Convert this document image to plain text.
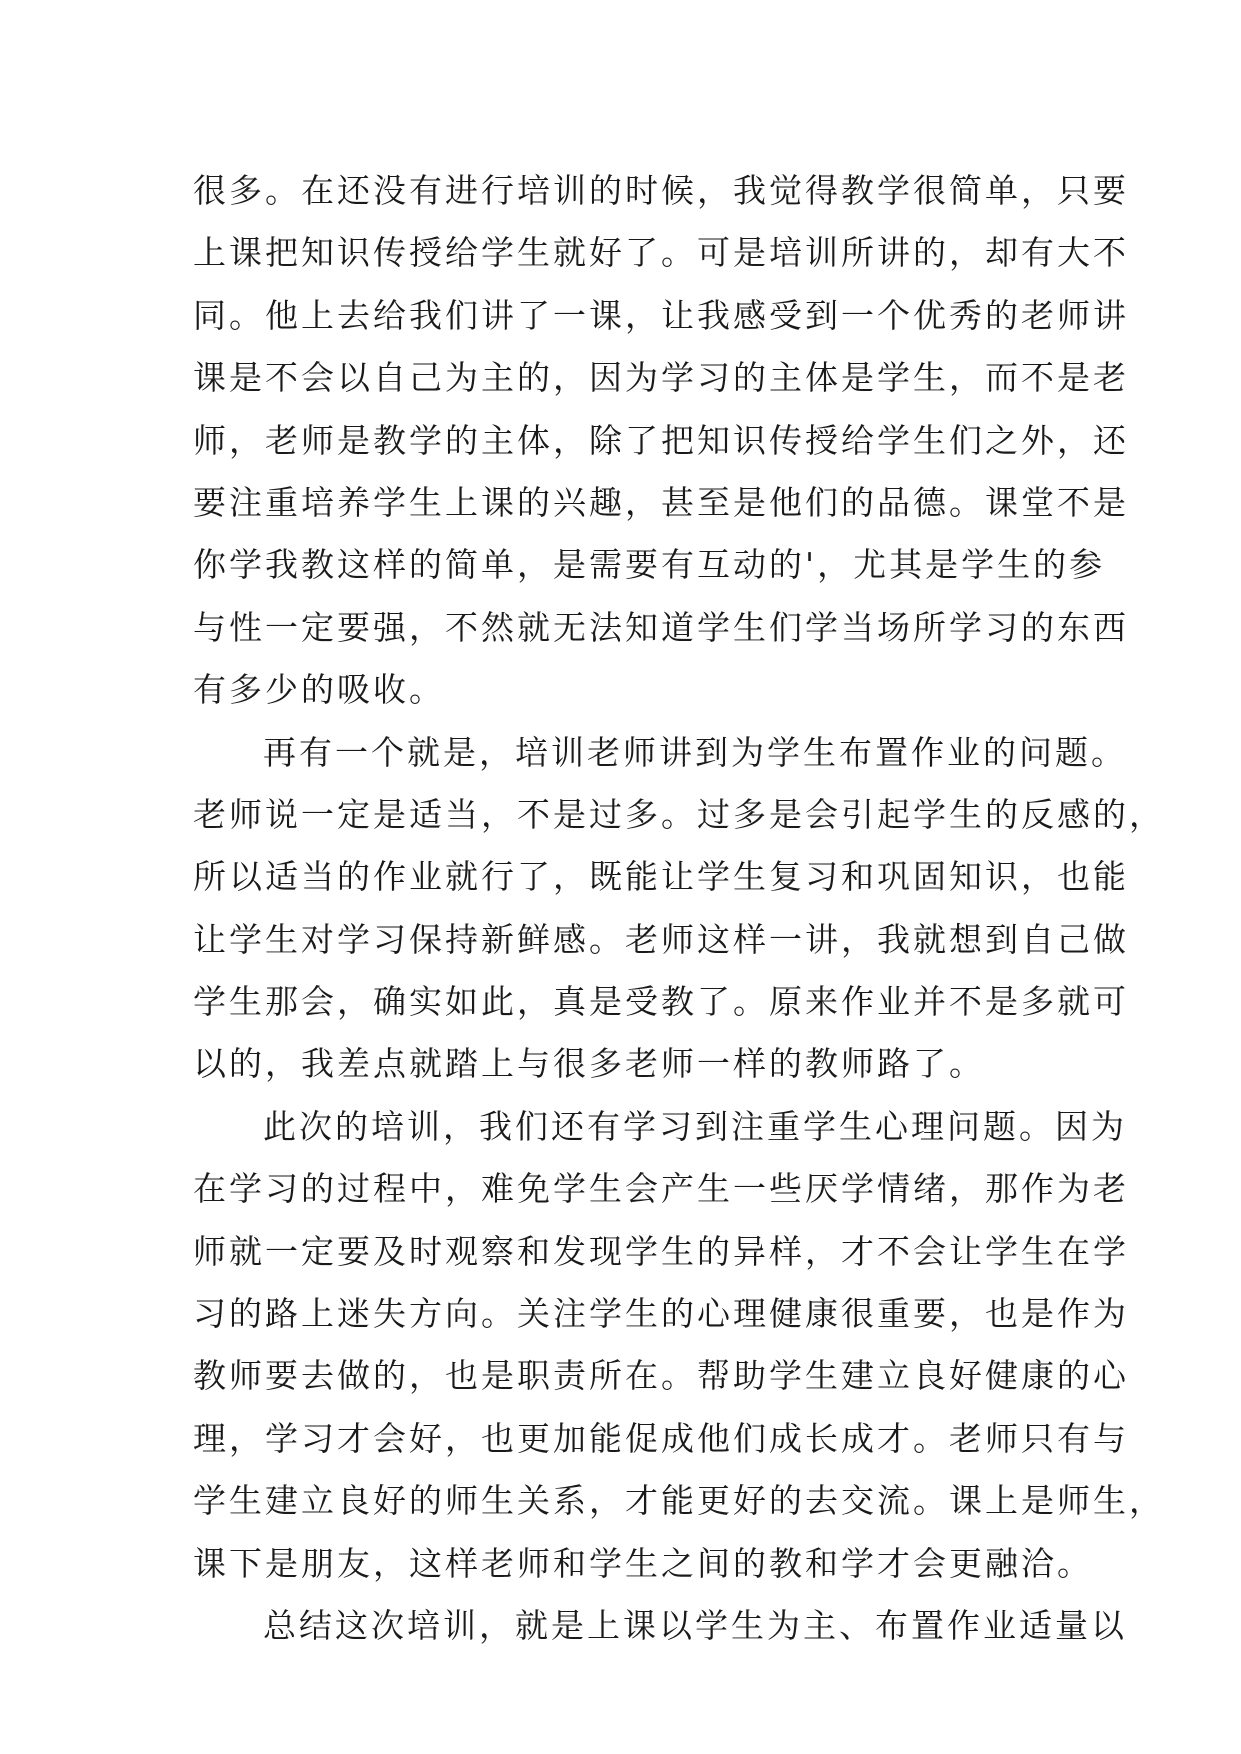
很多。在还没有进行培训的时候，我觉得教学很简单，只要
上课把知识传授给学生就好了。可是培训所讲的，却有大不
同。他上去给我们讲了一课，让我感受到一个优秀的老师讲
课是不会以自己为主的，因为学习的主体是学生，而不是老
师，老师是教学的主体，除了把知识传授给学生们之外，还
要注重培养学生上课的兴趣，甚至是他们的品德。课堂不是
你学我教这样的简单，是需要有互动的'，尤其是学生的参
与性一定要强，不然就无法知道学生们学当场所学习的东西
有多少的吸收。
再有一个就是，培训老师讲到为学生布置作业的问题。
老师说一定是适当，不是过多。过多是会引起学生的反感的，
所以适当的作业就行了，既能让学生复习和巩固知识，也能
让学生对学习保持新鲜感。老师这样一讲，我就想到自己做
学生那会，确实如此，真是受教了。原来作业并不是多就可
以的，我差点就踏上与很多老师一样的教师路了。
此次的培训，我们还有学习到注重学生心理问题。因为
在学习的过程中，难免学生会产生一些厌学情绪，那作为老
师就一定要及时观察和发现学生的异样，才不会让学生在学
习的路上迷失方向。关注学生的心理健康很重要，也是作为
教师要去做的，也是职责所在。帮助学生建立良好健康的心
理，学习才会好，也更加能促成他们成长成才。老师只有与
学生建立良好的师生关系，才能更好的去交流。课上是师生，
课下是朋友，这样老师和学生之间的教和学才会更融洽。
总结这次培训，就是上课以学生为主、布置作业适量以
